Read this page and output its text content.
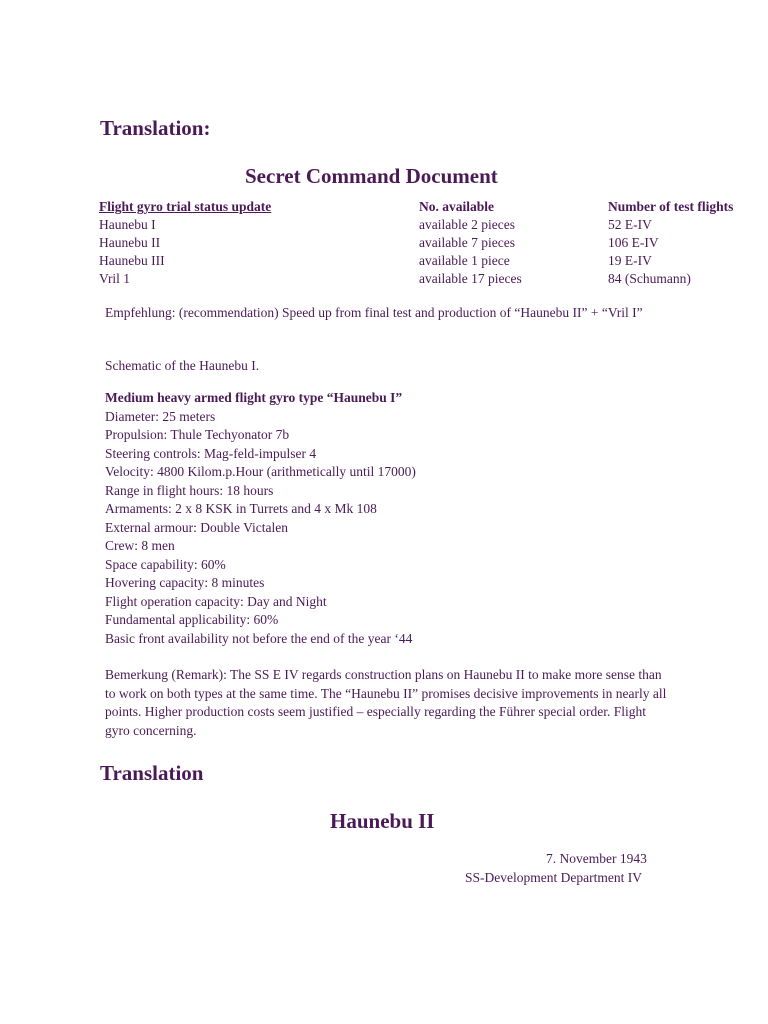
Translation:
Secret Command Document
Flight gyro trial status update	No. available	Number of test flights
Haunebu I	available 2 pieces	52 E-IV
Haunebu II	available 7 pieces	106 E-IV
Haunebu III	available 1 piece	19 E-IV
Vril 1	available 17 pieces	84 (Schumann)
Empfehlung: (recommendation) Speed up from final test and production of “Haunebu II” + “Vril I”
Schematic of the Haunebu I.
Medium heavy armed flight gyro type “Haunebu I”
Diameter: 25 meters
Propulsion: Thule Techyonator 7b
Steering controls: Mag-feld-impulser 4
Velocity: 4800 Kilom.p.Hour (arithmetically until 17000)
Range in flight hours: 18 hours
Armaments: 2 x 8 KSK in Turrets and 4 x Mk 108
External armour: Double Victalen
Crew: 8 men
Space capability: 60%
Hovering capacity: 8 minutes
Flight operation capacity: Day and Night
Fundamental applicability: 60%
Basic front availability not before the end of the year ‘44
Bemerkung (Remark): The SS E IV regards construction plans on Haunebu II to make more sense than to work on both types at the same time. The “Haunebu II” promises decisive improvements in nearly all points. Higher production costs seem justified – especially regarding the Führer special order. Flight gyro concerning.
Translation
Haunebu II
7. November 1943
SS-Development Department IV
